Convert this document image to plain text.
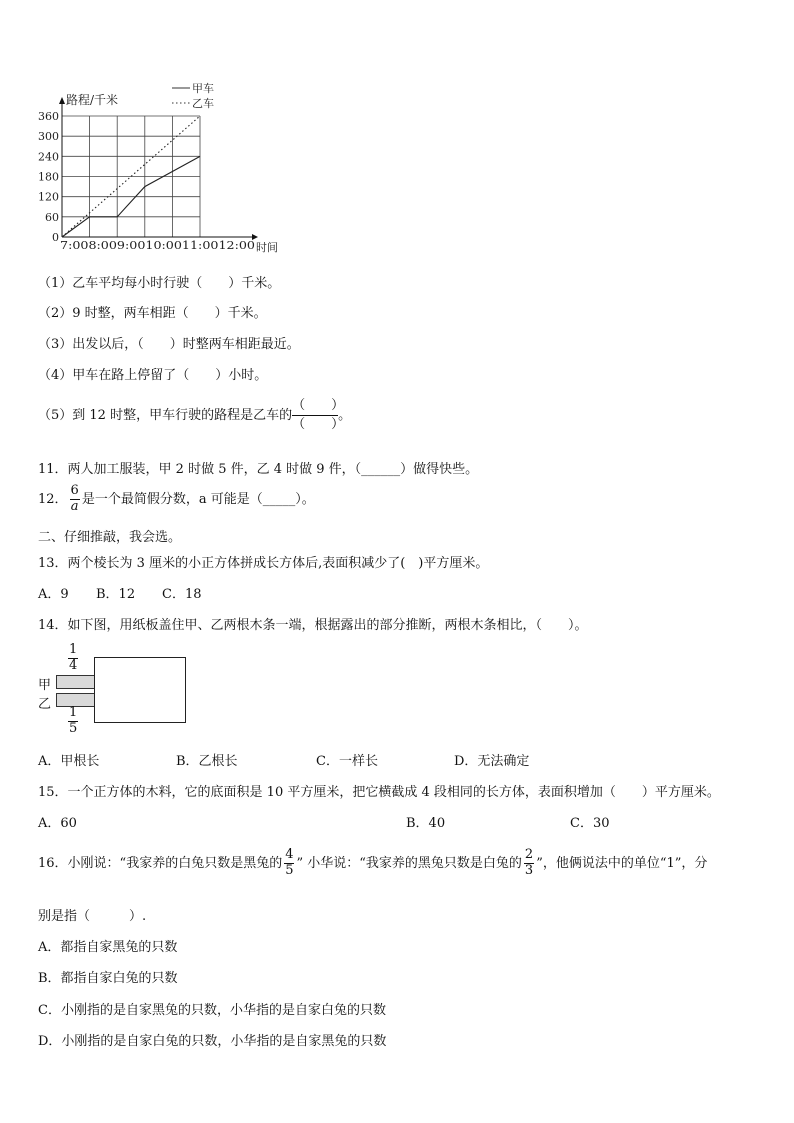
360
300
240
180
120
60
0
路程/千米
时间
甲车
乙车
7:008:009:0010:0011:0012:00
（1）乙车平均每小时行驶（　　）千米。
（2）9 时整，两车相距（　　）千米。
（3）出发以后，（　　）时整两车相距最近。
（4）甲车在路上停留了（　　）小时。
（5）到 12 时整，甲车行驶的路程是乙车的 $\frac{( )}{( )}$。
11．两人加工服装，甲 2 时做 5 件，乙 4 时做 9 件，（______）做得快些。
12． $\frac{6}{a}$ 是一个最简假分数，a 可能是（_____）。
二、仔细推敲，我会选。
13．两个棱长为 3 厘米的小正方体拼成长方体后,表面积减少了(　)平方厘米。
A．9 B．12 C．18
14．如下图，用纸板盖住甲、乙两根木条一端，根据露出的部分推断，两根木条相比，（　　）。
$\frac{1}{4}$
甲
乙
$\frac{1}{5}$
A．甲根长	B．乙根长	C．一样长	D．无法确定
15．一个正方体的木料，它的底面积是 10 平方厘米，把它横截成 4 段相同的长方体，表面积增加（　　）平方厘米。
A．60	B．40	C．30
16．小刚说：“我家养的白兔只数是黑兔的 $\frac{4}{5}$ ” 小华说：“我家养的黑兔只数是白兔的 $\frac{2}{3}$ ”，他俩说法中的单位“1”，分
别是指（　　　）.
A．都指自家黑兔的只数
B．都指自家白兔的只数
C．小刚指的是自家黑兔的只数，小华指的是自家白兔的只数
D．小刚指的是自家白兔的只数，小华指的是自家黑兔的只数
